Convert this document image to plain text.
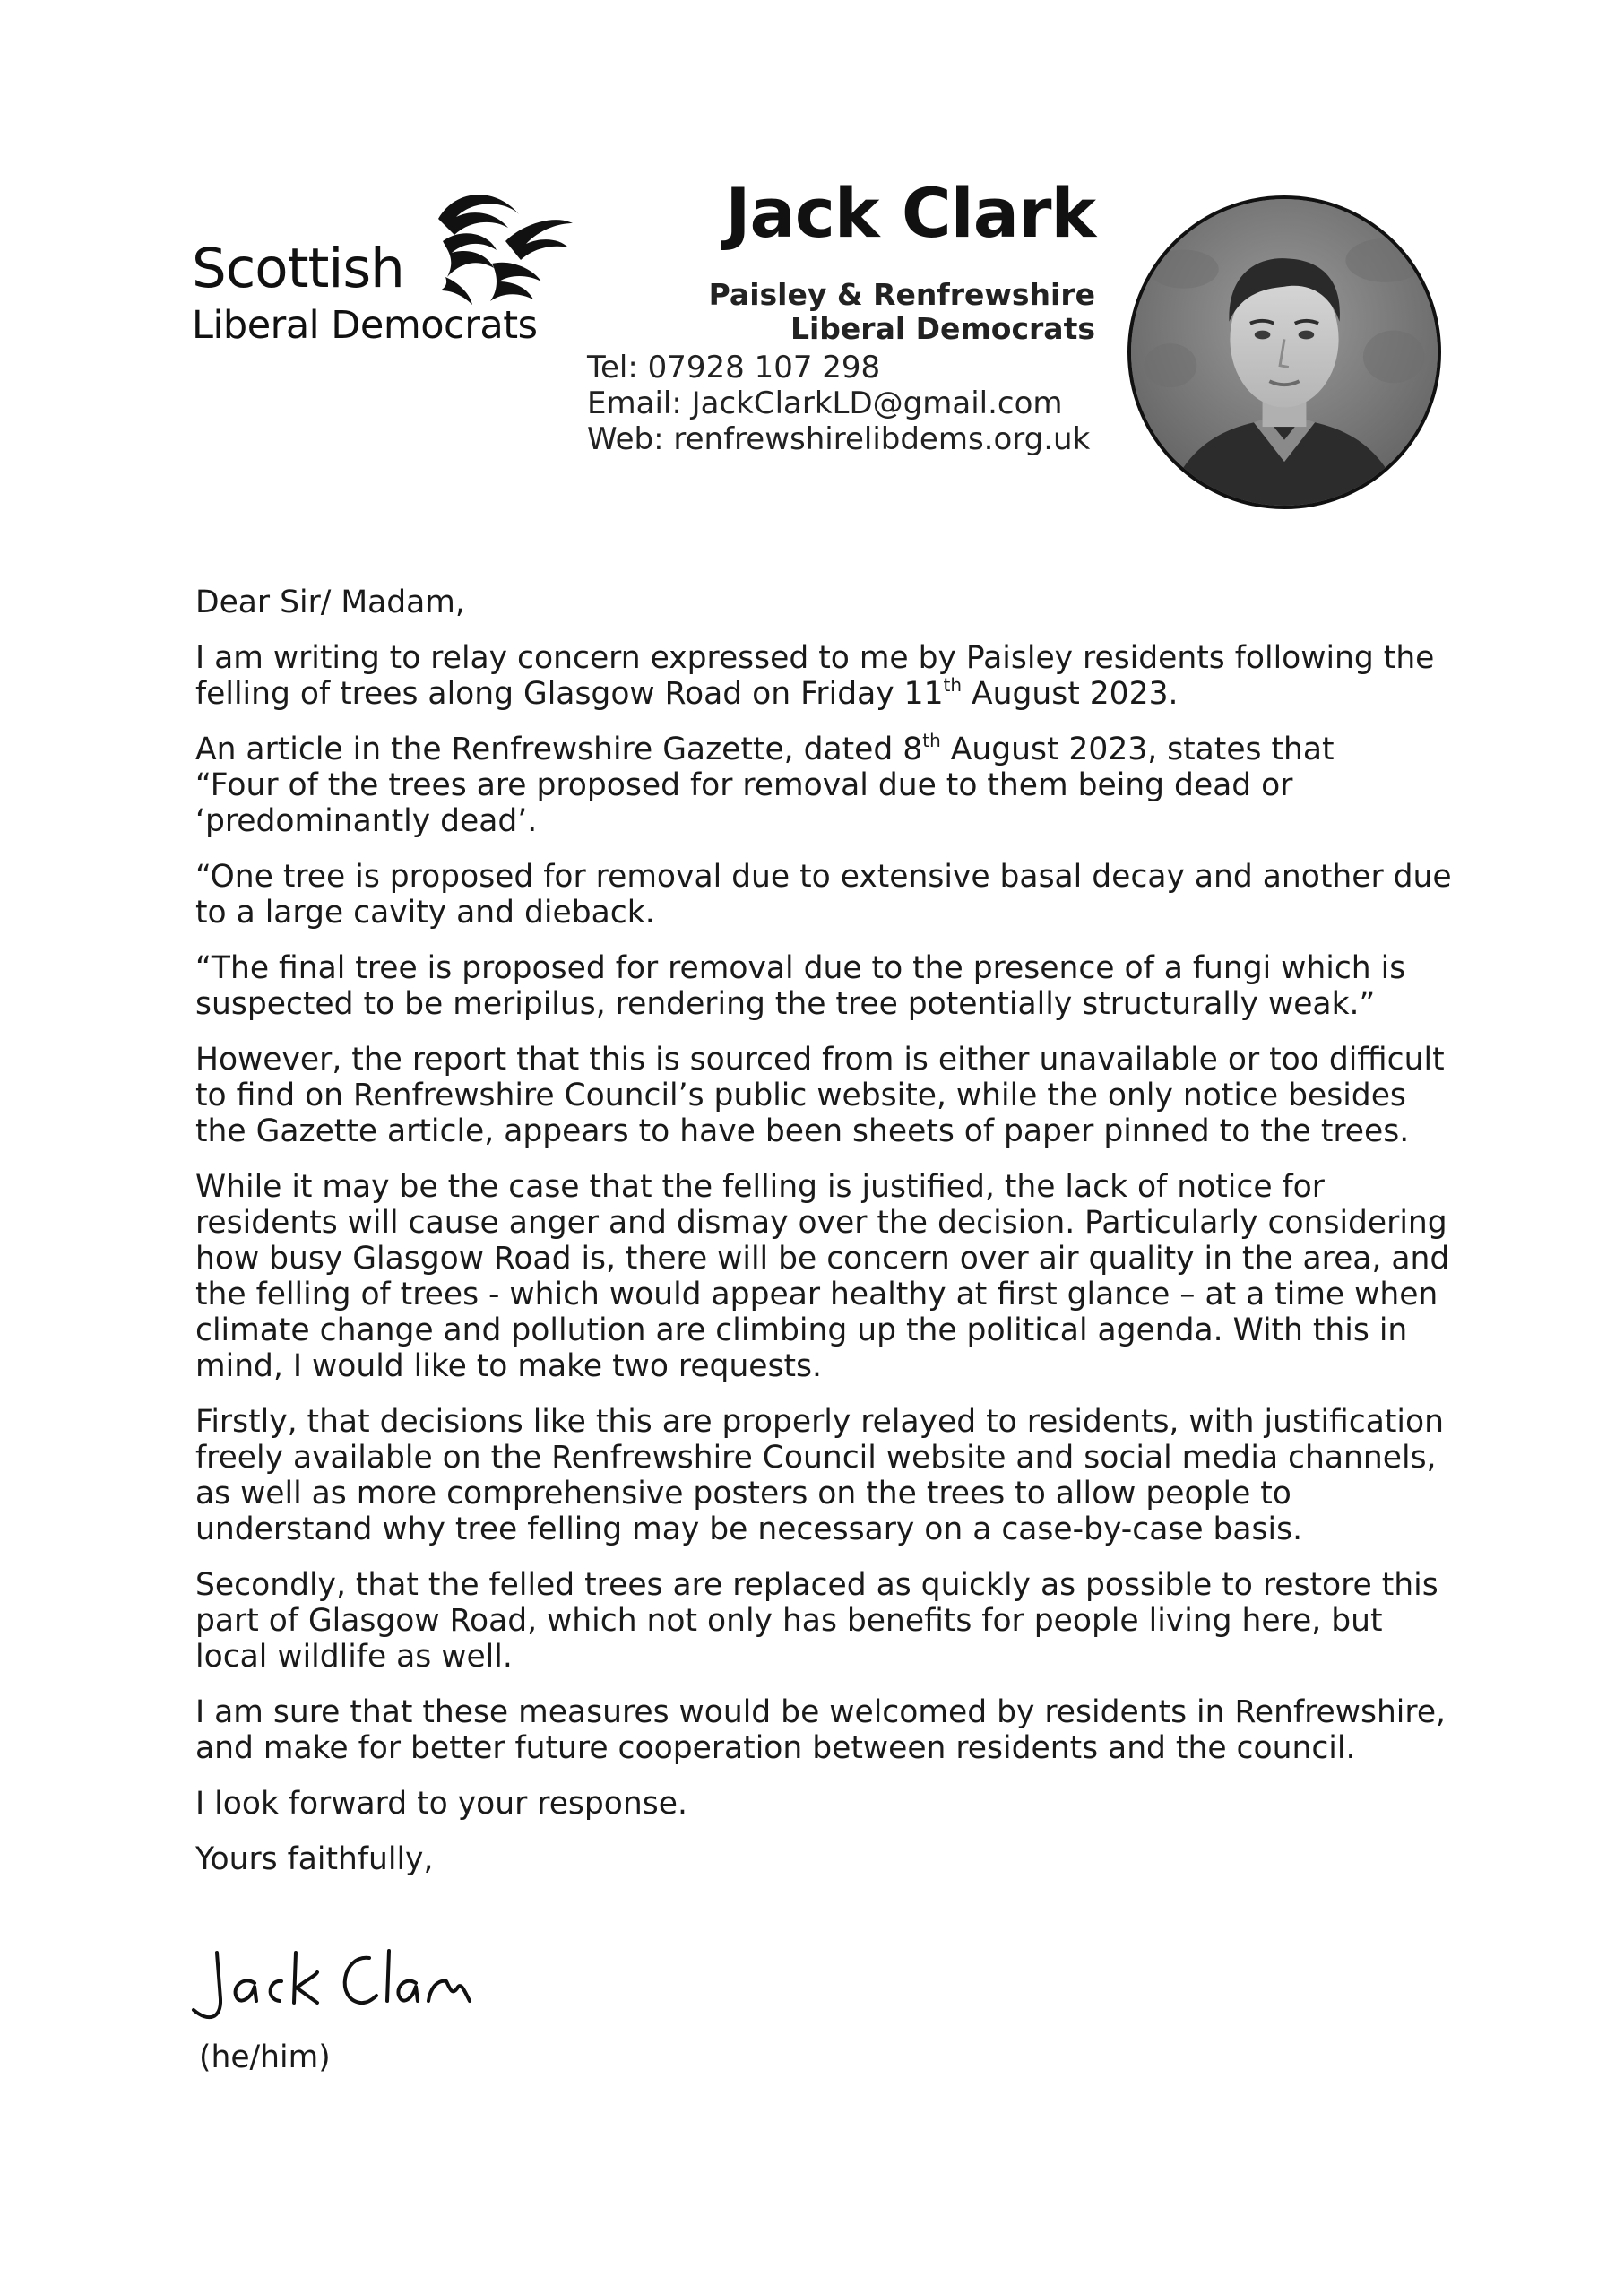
Scottish
Liberal Democrats
Jack Clark
Paisley & Renfrewshire
Liberal Democrats
Tel: 07928 107 298
Email: JackClarkLD@gmail.com
Web: renfrewshirelibdems.org.uk

Dear Sir/ Madam,

I am writing to relay concern expressed to me by Paisley residents following the
felling of trees along Glasgow Road on Friday 11th August 2023.

An article in the Renfrewshire Gazette, dated 8th August 2023, states that
“Four of the trees are proposed for removal due to them being dead or
‘predominantly dead’.

“One tree is proposed for removal due to extensive basal decay and another due
to a large cavity and dieback.

“The final tree is proposed for removal due to the presence of a fungi which is
suspected to be meripilus, rendering the tree potentially structurally weak.”

However, the report that this is sourced from is either unavailable or too difficult
to find on Renfrewshire Council’s public website, while the only notice besides
the Gazette article, appears to have been sheets of paper pinned to the trees.

While it may be the case that the felling is justified, the lack of notice for
residents will cause anger and dismay over the decision. Particularly considering
how busy Glasgow Road is, there will be concern over air quality in the area, and
the felling of trees - which would appear healthy at first glance – at a time when
climate change and pollution are climbing up the political agenda. With this in
mind, I would like to make two requests.

Firstly, that decisions like this are properly relayed to residents, with justification
freely available on the Renfrewshire Council website and social media channels,
as well as more comprehensive posters on the trees to allow people to
understand why tree felling may be necessary on a case-by-case basis.

Secondly, that the felled trees are replaced as quickly as possible to restore this
part of Glasgow Road, which not only has benefits for people living here, but
local wildlife as well.

I am sure that these measures would be welcomed by residents in Renfrewshire,
and make for better future cooperation between residents and the council.

I look forward to your response.

Yours faithfully,

(he/him)
